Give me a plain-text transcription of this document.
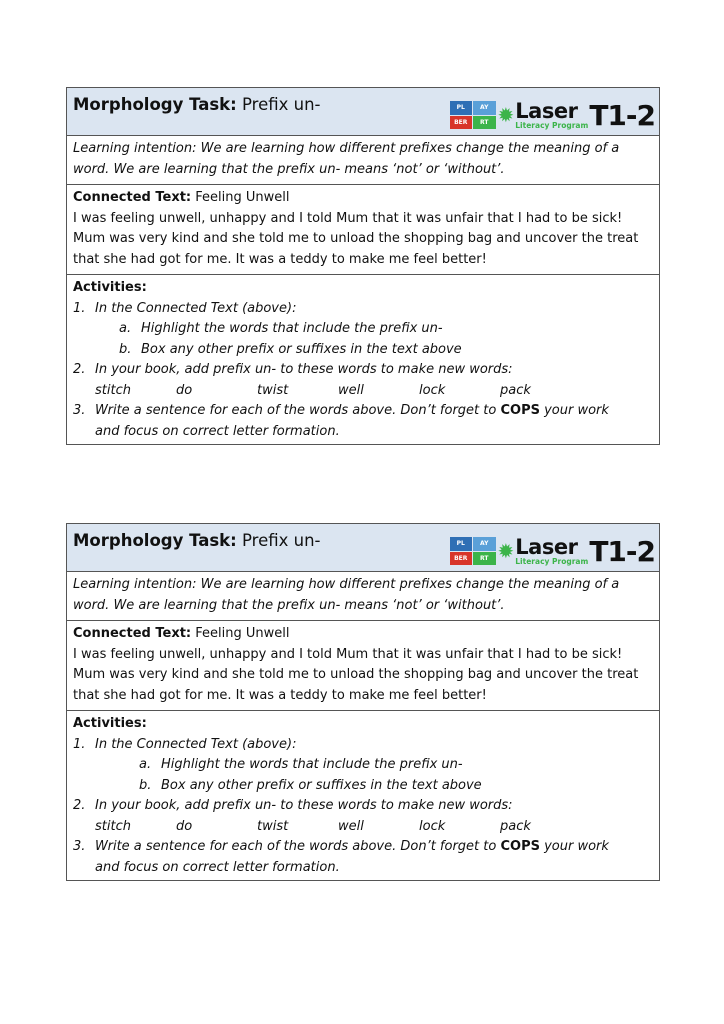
Morphology Task: Prefix un-	PL	AY
BER	RT ✹ Laser
Literacy Program T1-2
Learning intention: We are learning how different prefixes change the meaning of a word. We are learning that the prefix un- means ‘not’ or ‘without’.
Connected Text: Feeling Unwell
I was feeling unwell, unhappy and I told Mum that it was unfair that I had to be sick! Mum was very kind and she told me to unload the shopping bag and uncover the treat that she had got for me. It was a teddy to make me feel better!
Activities:
1. In the Connected Text (above):
a. Highlight the words that include the prefix un-
b. Box any other prefix or suffixes in the text above
2. In your book, add prefix un- to these words to make new words:
stitch	do	twist	well	lock	pack
3. Write a sentence for each of the words above. Don’t forget to COPS your work
and focus on correct letter formation.
Morphology Task: Prefix un-	PL	AY
BER	RT ✹ Laser
Literacy Program T1-2
Learning intention: We are learning how different prefixes change the meaning of a word. We are learning that the prefix un- means ‘not’ or ‘without’.
Connected Text: Feeling Unwell
I was feeling unwell, unhappy and I told Mum that it was unfair that I had to be sick! Mum was very kind and she told me to unload the shopping bag and uncover the treat that she had got for me. It was a teddy to make me feel better!
Activities:
1. In the Connected Text (above):
a. Highlight the words that include the prefix un-
b. Box any other prefix or suffixes in the text above
2. In your book, add prefix un- to these words to make new words:
stitch	do	twist	well	lock	pack
3. Write a sentence for each of the words above. Don’t forget to COPS your work
and focus on correct letter formation.
